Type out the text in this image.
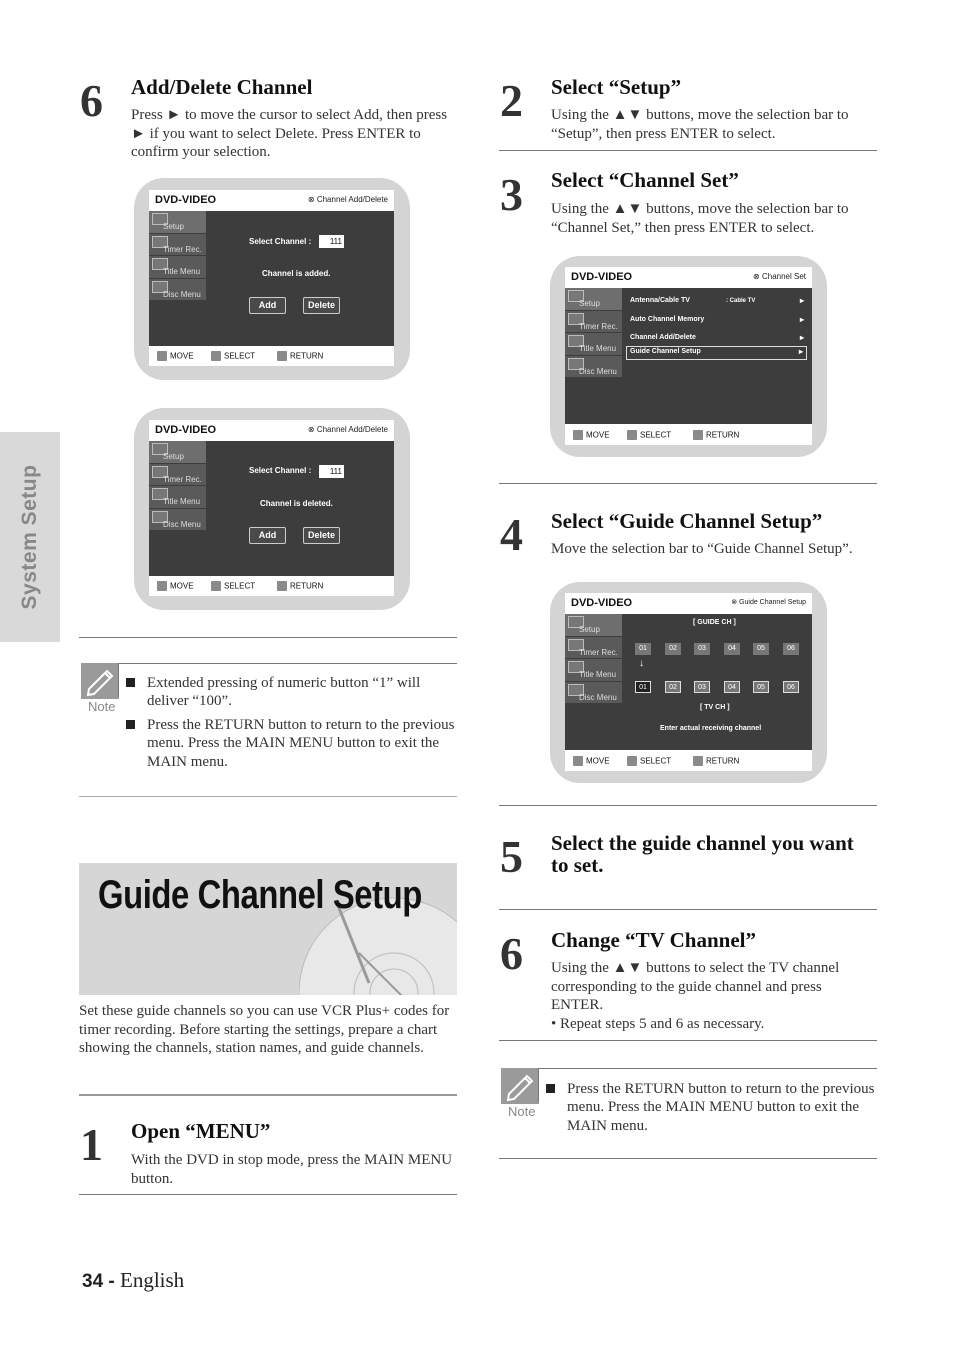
System Setup
6 Add/Delete Channel
Press ► to move the cursor to select Add, then press ► if you want to select Delete. Press ENTER to confirm your selection.
DVD-VIDEO	⊗ Channel Add/Delete
Setup
Timer Rec.
Title Menu
Disc Menu
Select Channel :	111
Channel is added.
Add	Delete
MOVE	SELECT	RETURN
DVD-VIDEO	⊗ Channel Add/Delete
Setup
Timer Rec.
Title Menu
Disc Menu
Select Channel :	111
Channel is deleted.
Add	Delete
MOVE	SELECT	RETURN
Note
Extended pressing of numeric button “1” will deliver “100”.
Press the RETURN button to return to the previous menu. Press the MAIN MENU button to exit the MAIN menu.
Guide Channel Setup
Set these guide channels so you can use VCR Plus+ codes for timer recording. Before starting the settings, prepare a chart showing the channels, station names, and guide channels.
1 Open “MENU”
With the DVD in stop mode, press the MAIN MENU button.
34 - English
2 Select “Setup”
Using the ▲▼ buttons, move the selection bar to “Setup”, then press ENTER to select.
3 Select “Channel Set”
Using the ▲▼ buttons, move the selection bar to “Channel Set,” then press ENTER to select.
DVD-VIDEO	⊗ Channel Set
Setup
Timer Rec.
Title Menu
Disc Menu
Antenna/Cable TV	: Cable TV	▸
Auto Channel Memory	▸
Channel Add/Delete	▸
Guide Channel Setup	▸
MOVE	SELECT	RETURN
4 Select “Guide Channel Setup”
Move the selection bar to “Guide Channel Setup”.
DVD-VIDEO	⊗ Guide Channel Setup
Setup
Timer Rec.
Title Menu
Disc Menu
[ GUIDE CH ]
01	02	03	04	05	06
↓
01	02	03	04	05	06
[ TV CH ]
Enter actual receiving channel
MOVE	SELECT	RETURN
5 Select the guide channel you want to set.
6 Change “TV Channel”
Using the ▲▼ buttons to select the TV channel corresponding to the guide channel and press ENTER.
• Repeat steps 5 and 6 as necessary.
Note
Press the RETURN button to return to the previous menu. Press the MAIN MENU button to exit the MAIN menu.
